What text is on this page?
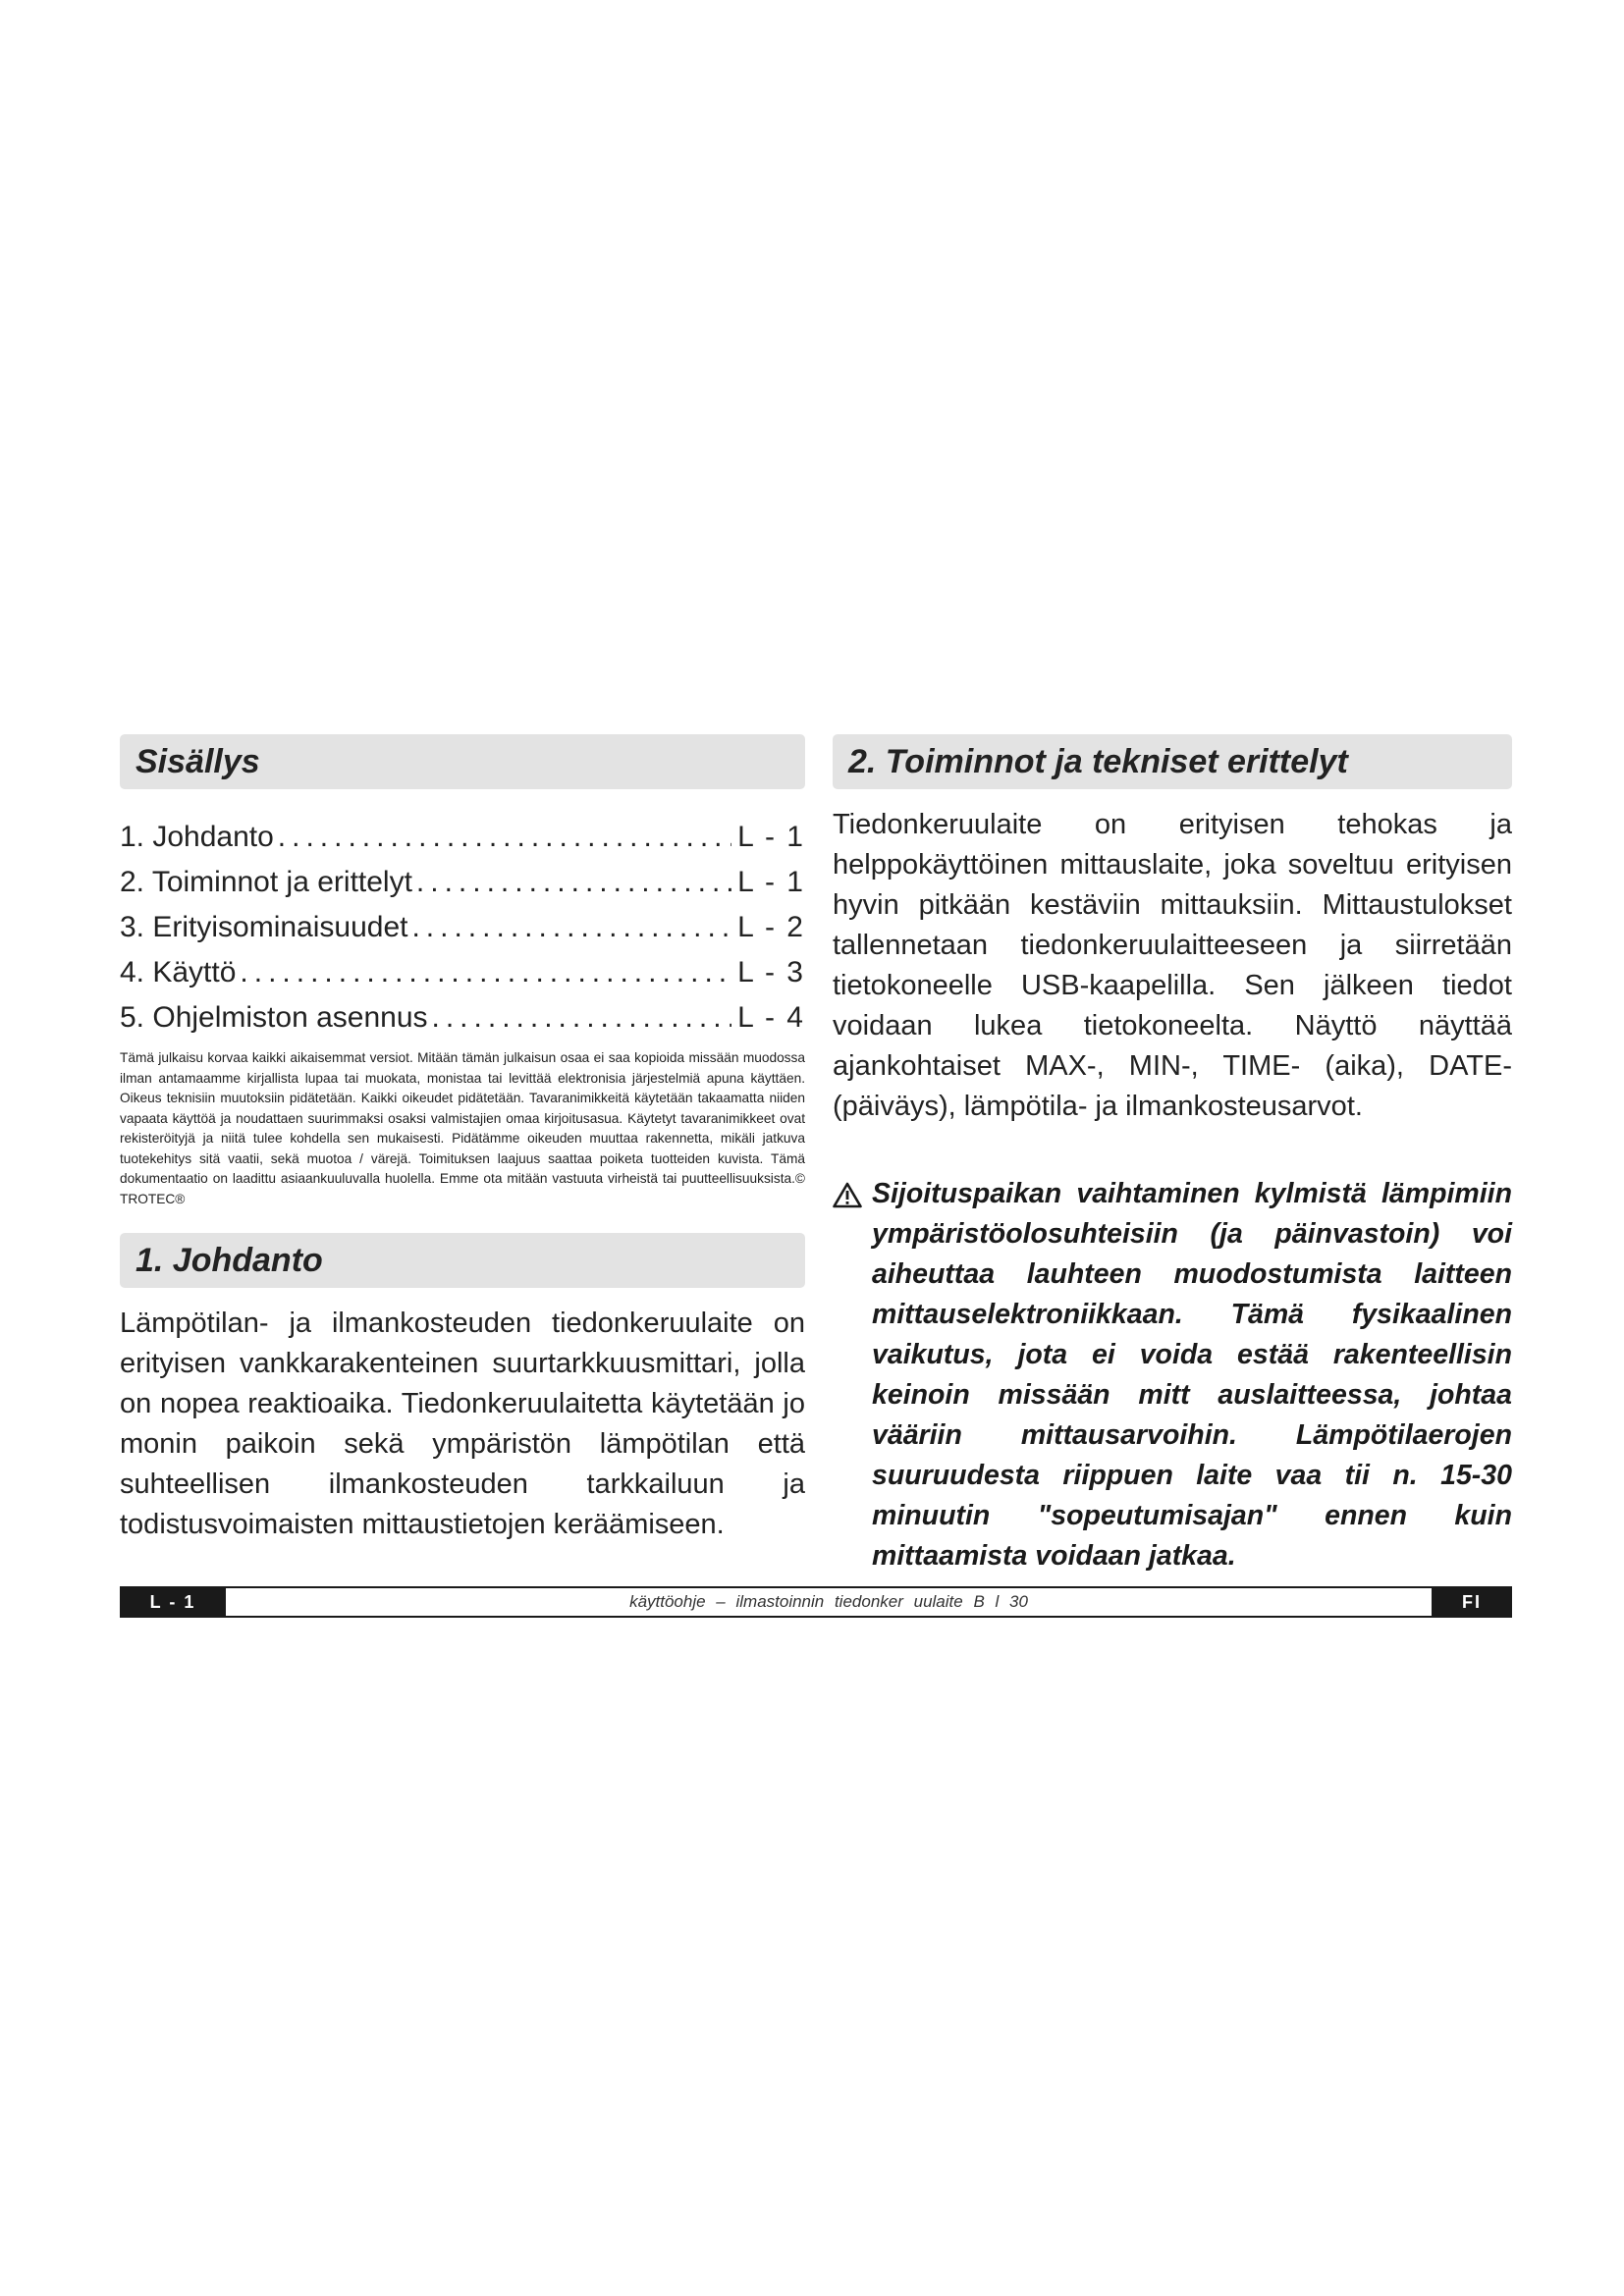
Sisällys
1. Johdanto .....	L - 1
2. Toiminnot ja erittelyt .....	L - 1
3. Erityisominaisuudet .....	L - 2
4. Käyttö .....	L - 3
5. Ohjelmiston asennus .....	L - 4
Tämä julkaisu korvaa kaikki aikaisemmat versiot. Mitään tämän julkaisun osaa ei saa kopioida missään muodossa ilman antamaamme kirjallista lupaa tai muokata, monistaa tai levittää elektronisia järjestelmiä apuna käyttäen. Oikeus teknisiin muutoksiin pidätetään. Kaikki oikeudet pidätetään. Tavaranimikkeitä käytetään takaamatta niiden vapaata käyttöä ja noudattaen suurimmaksi osaksi valmistajien omaa kirjoitusasua. Käytetyt tavaranimikkeet ovat rekisteröityjä ja niitä tulee kohdella sen mukaisesti. Pidätämme oikeuden muuttaa rakennetta, mikäli jatkuva tuotekehitys sitä vaatii, sekä muotoa / värejä. Toimituksen laajuus saattaa poiketa tuotteiden kuvista. Tämä dokumentaatio on laadittu asiaankuuluvalla huolella. Emme ota mitään vastuuta virheistä tai puutteellisuuksista.© TROTEC®
1. Johdanto
Lämpötilan- ja ilmankosteuden tiedonkeruulaite on erityisen vankkarakenteinen suurtarkkuusmittari, jolla on nopea reaktioaika. Tiedonkeruulaitetta käytetään jo monin paikoin sekä ympäristön lämpötilan että suhteellisen ilmankosteuden tarkkailuun ja todistusvoimaisten mittaustietojen keräämiseen.
2. Toiminnot ja tekniset erittelyt
Tiedonkeruulaite on erityisen tehokas ja helppokäyttöinen mittauslaite, joka soveltuu erityisen hyvin pitkään kestäviin mittauksiin. Mittaustulokset tallennetaan tiedonkeruulaitteeseen ja siirretään tietokoneelle USB-kaapelilla. Sen jälkeen tiedot voidaan lukea tietokoneelta. Näyttö näyttää ajankohtaiset MAX-, MIN-, TIME- (aika), DATE- (päiväys), lämpötila- ja ilmankosteusarvot.
Sijoituspaikan vaihtaminen kylmistä lämpimiin ympäristöolosuhteisiin (ja päinvastoin) voi aiheuttaa lauhteen muodostumista laitteen mittauselektroniikkaan. Tämä fysikaalinen vaikutus, jota ei voida estää rakenteellisin keinoin missään mitt auslaitteessa, johtaa vääriin mittausarvoihin. Lämpötilaerojen suuruudesta riippuen laite vaa tii n. 15-30 minuutin "sopeutumisajan" ennen kuin mittaamista voidaan jatkaa.
L - 1	käyttöohje – ilmastoinnin tiedonker uulaite B l 30	FI
